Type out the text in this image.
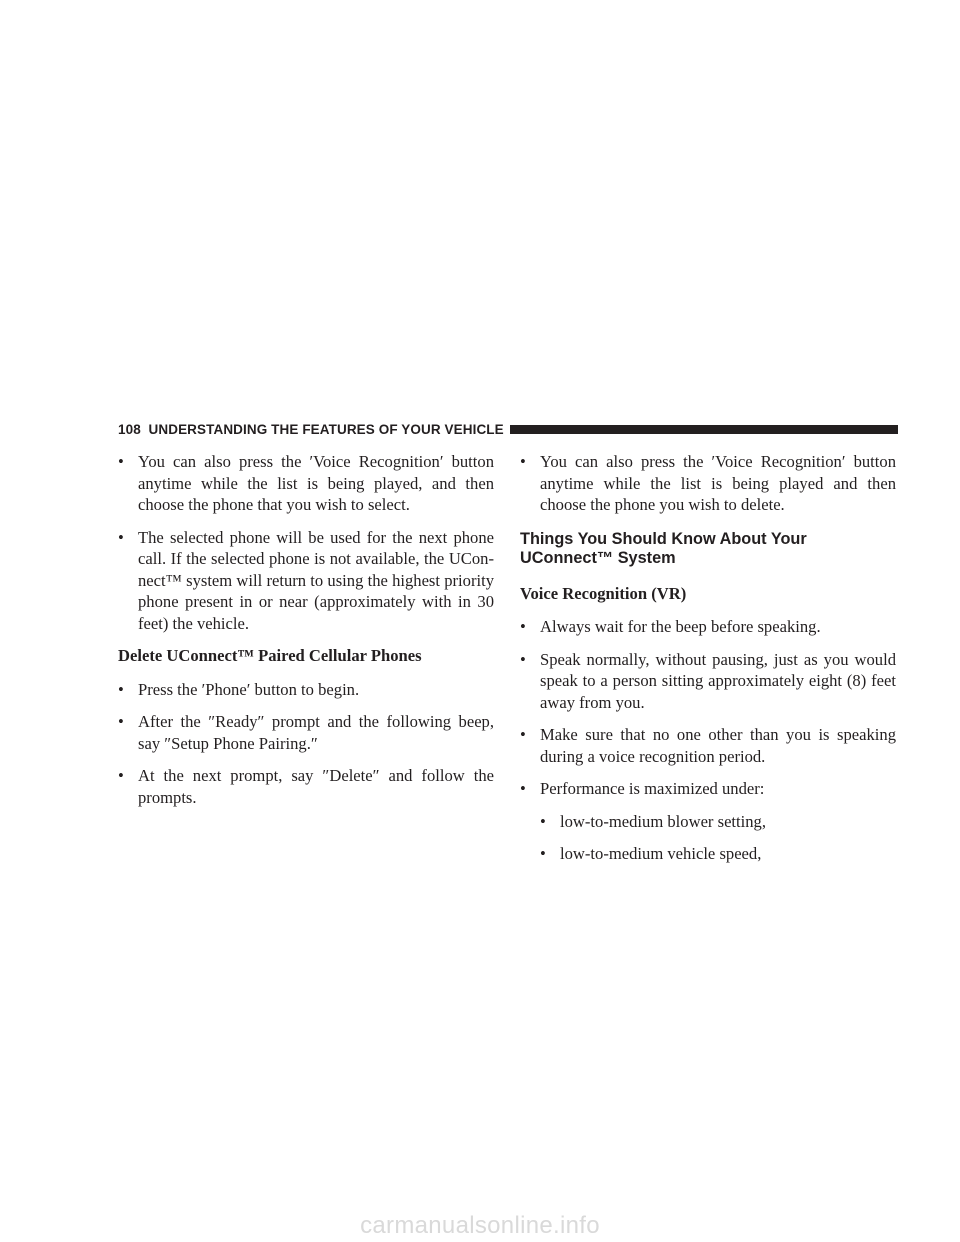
108
UNDERSTANDING THE FEATURES OF YOUR VEHICLE
• You can also press the ′Voice Recognition′ button anytime while the list is being played, and then choose the phone that you wish to select.
• The selected phone will be used for the next phone call. If the selected phone is not available, the UCon-nect™ system will return to using the highest priority phone present in or near (approximately with in 30 feet) the vehicle.
Delete UConnect™ Paired Cellular Phones
• Press the ′Phone′ button to begin.
• After the ″Ready″ prompt and the following beep, say ″Setup Phone Pairing.″
• At the next prompt, say ″Delete″ and follow the prompts.
• You can also press the ′Voice Recognition′ button anytime while the list is being played and then choose the phone you wish to delete.
Things You Should Know About Your UConnect™ System
Voice Recognition (VR)
• Always wait for the beep before speaking.
• Speak normally, without pausing, just as you would speak to a person sitting approximately eight (8) feet away from you.
• Make sure that no one other than you is speaking during a voice recognition period.
• Performance is maximized under:
• low-to-medium blower setting,
• low-to-medium vehicle speed,
carmanualsonline.info
